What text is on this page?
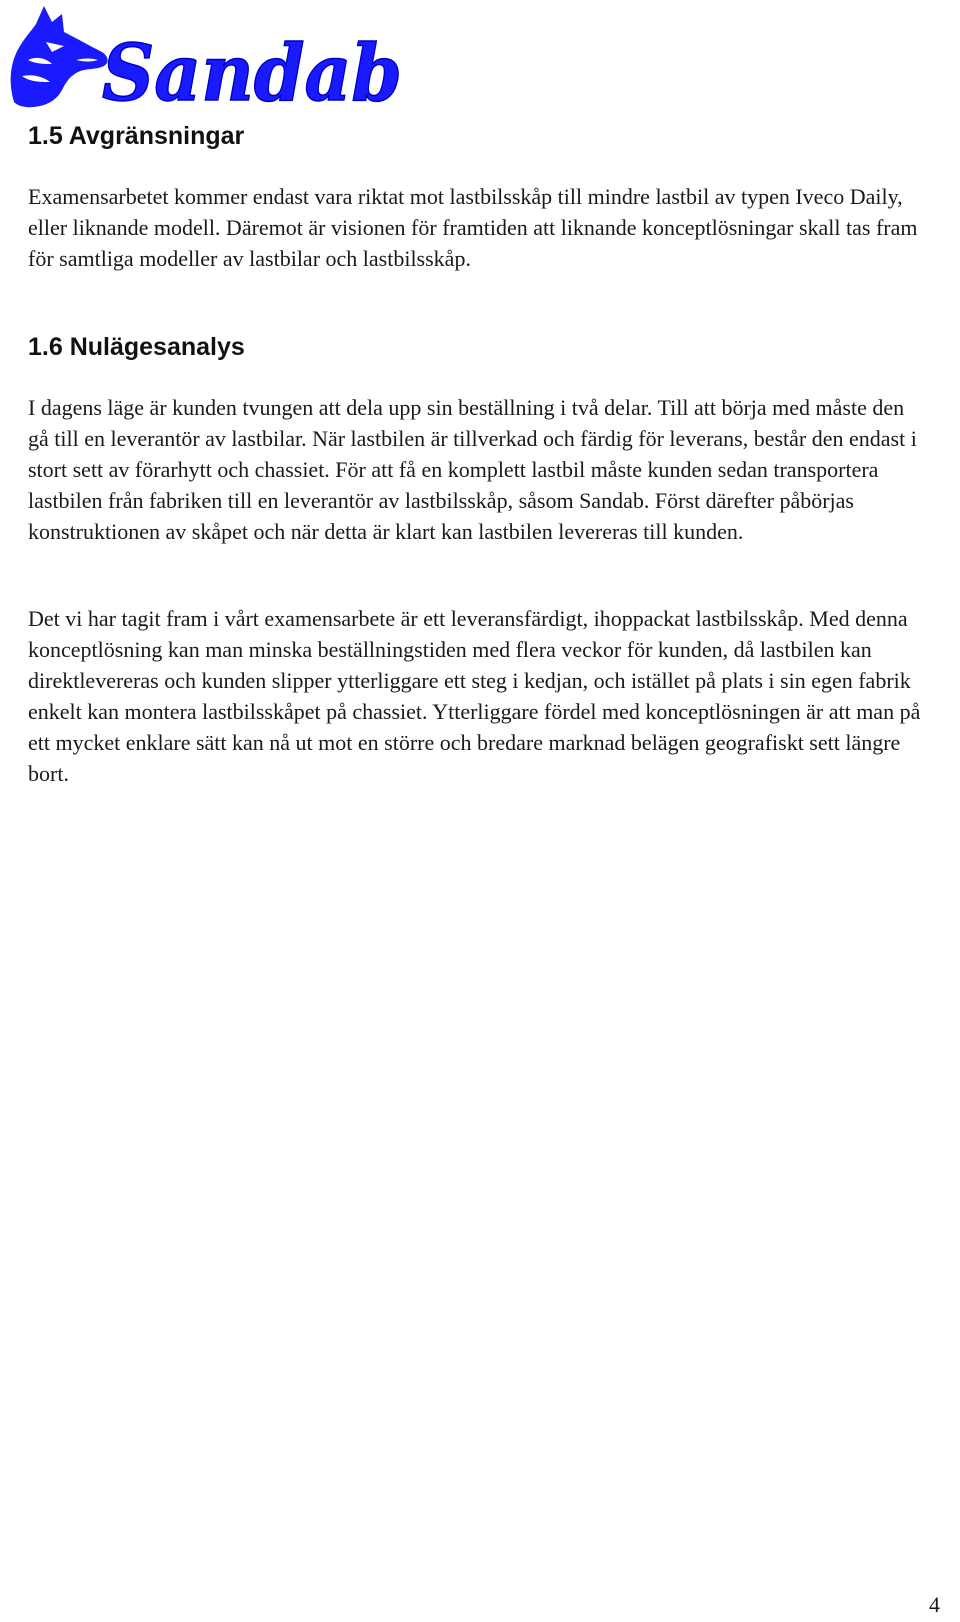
Sandab
1.5 Avgränsningar

Examensarbetet kommer endast vara riktat mot lastbilsskåp till mindre lastbil av typen Iveco Daily, eller liknande modell. Däremot är visionen för framtiden att liknande konceptlösningar skall tas fram för samtliga modeller av lastbilar och lastbilsskåp.

1.6 Nulägesanalys

I dagens läge är kunden tvungen att dela upp sin beställning i två delar. Till att börja med måste den gå till en leverantör av lastbilar. När lastbilen är tillverkad och färdig för leverans, består den endast i stort sett av förarhytt och chassiet. För att få en komplett lastbil måste kunden sedan transportera lastbilen från fabriken till en leverantör av lastbilsskåp, såsom Sandab. Först därefter påbörjas konstruktionen av skåpet och när detta är klart kan lastbilen levereras till kunden.

Det vi har tagit fram i vårt examensarbete är ett leveransfärdigt, ihoppackat lastbilsskåp. Med denna konceptlösning kan man minska beställningstiden med flera veckor för kunden, då lastbilen kan direktlevereras och kunden slipper ytterliggare ett steg i kedjan, och istället på plats i sin egen fabrik enkelt kan montera lastbilsskåpet på chassiet. Ytterliggare fördel med konceptlösningen är att man på ett mycket enklare sätt kan nå ut mot en större och bredare marknad belägen geografiskt sett längre bort.

4
